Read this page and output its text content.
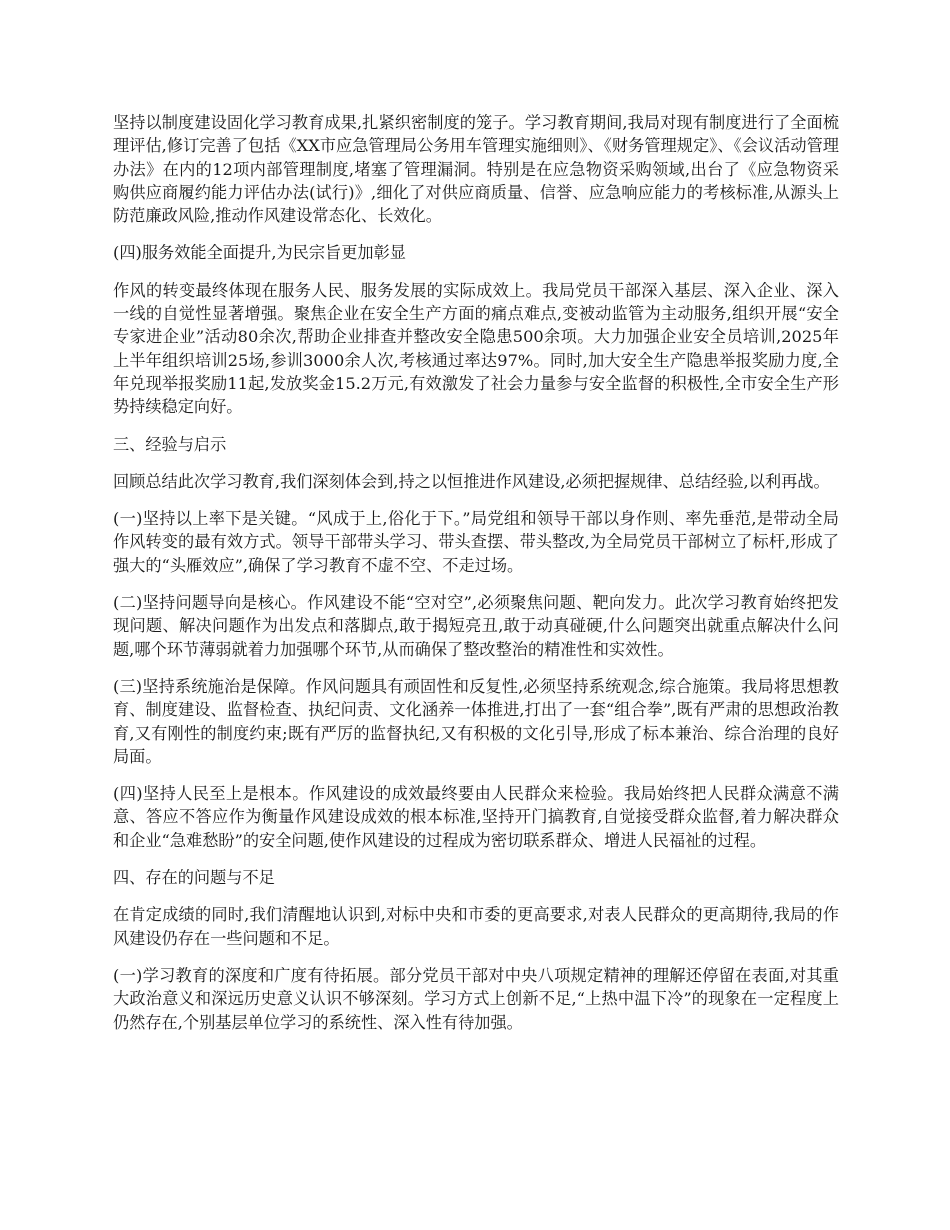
坚持以制度建设固化学习教育成果,扎紧织密制度的笼子。学习教育期间,我局对现有制度进行了全面梳理评估,修订完善了包括《XX市应急管理局公务用车管理实施细则》、《财务管理规定》、《会议活动管理办法》在内的12项内部管理制度,堵塞了管理漏洞。特别是在应急物资采购领域,出台了《应急物资采购供应商履约能力评估办法(试行)》,细化了对供应商质量、信誉、应急响应能力的考核标准,从源头上防范廉政风险,推动作风建设常态化、长效化。

(四)服务效能全面提升,为民宗旨更加彰显

作风的转变最终体现在服务人民、服务发展的实际成效上。我局党员干部深入基层、深入企业、深入一线的自觉性显著增强。聚焦企业在安全生产方面的痛点难点,变被动监管为主动服务,组织开展“安全专家进企业”活动80余次,帮助企业排查并整改安全隐患500余项。大力加强企业安全员培训,2025年上半年组织培训25场,参训3000余人次,考核通过率达97%。同时,加大安全生产隐患举报奖励力度,全年兑现举报奖励11起,发放奖金15.2万元,有效激发了社会力量参与安全监督的积极性,全市安全生产形势持续稳定向好。

三、经验与启示

回顾总结此次学习教育,我们深刻体会到,持之以恒推进作风建设,必须把握规律、总结经验,以利再战。

(一)坚持以上率下是关键。“风成于上,俗化于下。”局党组和领导干部以身作则、率先垂范,是带动全局作风转变的最有效方式。领导干部带头学习、带头查摆、带头整改,为全局党员干部树立了标杆,形成了强大的“头雁效应”,确保了学习教育不虚不空、不走过场。

(二)坚持问题导向是核心。作风建设不能“空对空”,必须聚焦问题、靶向发力。此次学习教育始终把发现问题、解决问题作为出发点和落脚点,敢于揭短亮丑,敢于动真碰硬,什么问题突出就重点解决什么问题,哪个环节薄弱就着力加强哪个环节,从而确保了整改整治的精准性和实效性。

(三)坚持系统施治是保障。作风问题具有顽固性和反复性,必须坚持系统观念,综合施策。我局将思想教育、制度建设、监督检查、执纪问责、文化涵养一体推进,打出了一套“组合拳”,既有严肃的思想政治教育,又有刚性的制度约束;既有严厉的监督执纪,又有积极的文化引导,形成了标本兼治、综合治理的良好局面。

(四)坚持人民至上是根本。作风建设的成效最终要由人民群众来检验。我局始终把人民群众满意不满意、答应不答应作为衡量作风建设成效的根本标准,坚持开门搞教育,自觉接受群众监督,着力解决群众和企业“急难愁盼”的安全问题,使作风建设的过程成为密切联系群众、增进人民福祉的过程。

四、存在的问题与不足

在肯定成绩的同时,我们清醒地认识到,对标中央和市委的更高要求,对表人民群众的更高期待,我局的作风建设仍存在一些问题和不足。

(一)学习教育的深度和广度有待拓展。部分党员干部对中央八项规定精神的理解还停留在表面,对其重大政治意义和深远历史意义认识不够深刻。学习方式上创新不足,“上热中温下冷”的现象在一定程度上仍然存在,个别基层单位学习的系统性、深入性有待加强。
